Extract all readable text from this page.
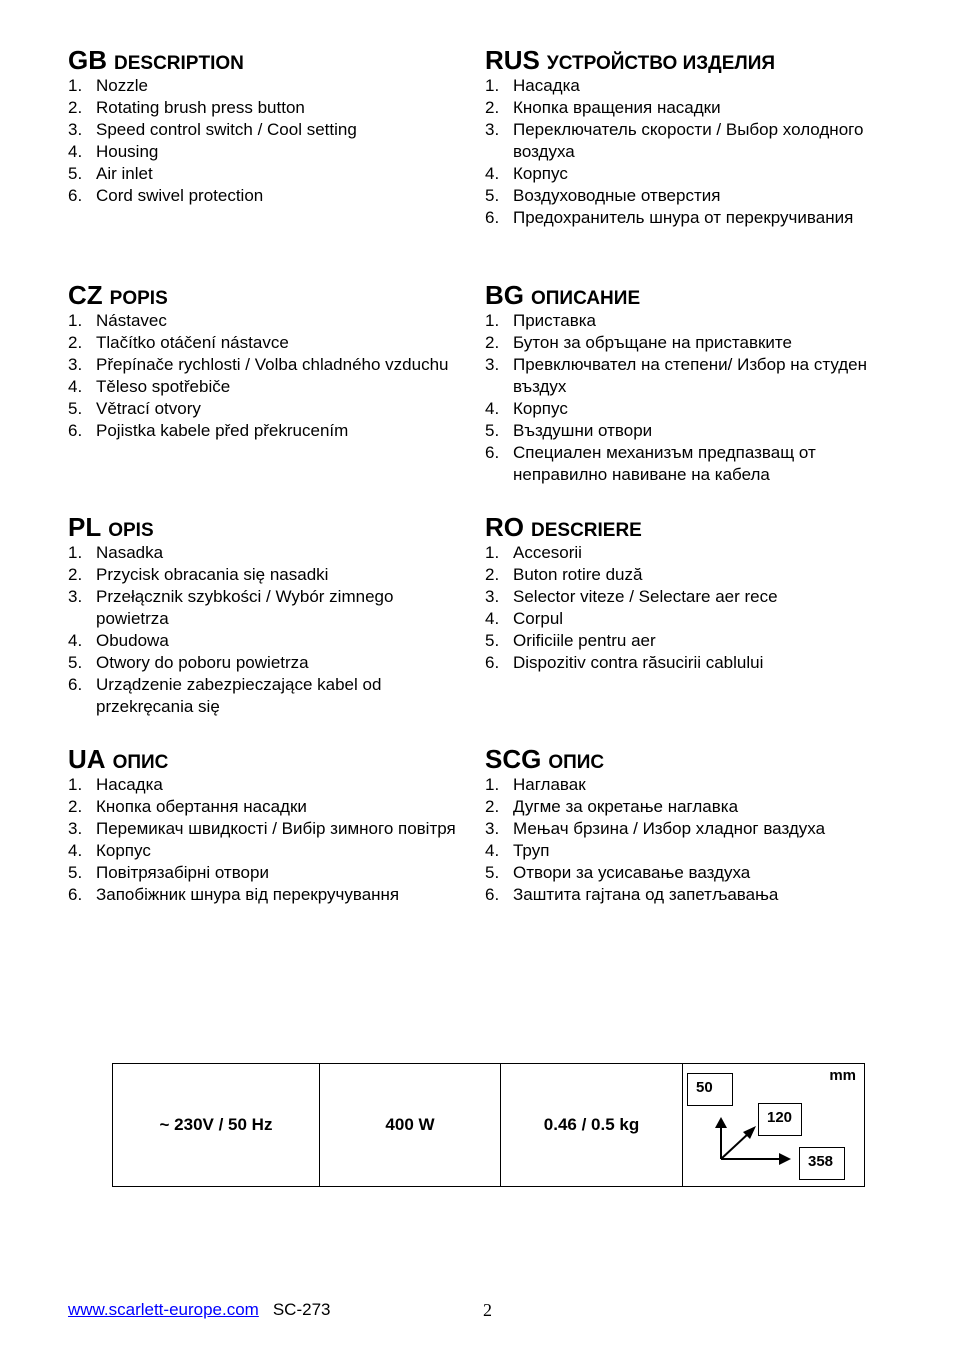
GB DESCRIPTION
1. Nozzle
2. Rotating brush press button
3. Speed control switch / Cool setting
4. Housing
5. Air inlet
6. Cord swivel protection
RUS УСТРОЙСТВО ИЗДЕЛИЯ
1. Насадка
2. Кнопка вращения насадки
3. Переключатель скорости / Выбор холодного воздуха
4. Корпус
5. Воздуховодные отверстия
6. Предохранитель шнура от перекручивания
CZ POPIS
1. Nástavec
2. Tlačítko otáčení nástavce
3. Přepínače rychlosti / Volba chladného vzduchu
4. Těleso spotřebiče
5. Větrací otvory
6. Pojistka kabele před překrucením
BG ОПИСАНИЕ
1. Приставка
2. Бутон за обръщане на приставките
3. Превключвател на степени/ Избор на студен въздух
4. Корпус
5. Въздушни отвори
6. Специален механизъм предпазващ от неправилно навиване на кабела
PL OPIS
1. Nasadka
2. Przycisk obracania się nasadki
3. Przełącznik szybkości / Wybór zimnego powietrza
4. Obudowa
5. Otwory do poboru powietrza
6. Urządzenie zabezpieczające kabel od przekręcania się
RO DESCRIERE
1. Accesorii
2. Buton rotire duză
3. Selector viteze / Selectare aer rece
4. Corpul
5. Orificiile pentru aer
6. Dispozitiv contra răsucirii cablului
UA ОПИС
1. Насадка
2. Кнопка обертання насадки
3. Перемикач швидкості / Вибір зимного повітря
4. Корпус
5. Повітрязабірні отвори
6. Запобіжник шнура від перекручування
SCG ОПИС
1. Наглавак
2. Дугме за окретање наглавка
3. Мењач брзина / Избор хладног ваздуха
4. Труп
5. Отвори за усисавање ваздуха
6. Заштита гајтана од запетљавања
~ 230V / 50 Hz	400 W	0.46 / 0.5 kg
mm
50
120
358
www.scarlett-europe.com SC-273	2
